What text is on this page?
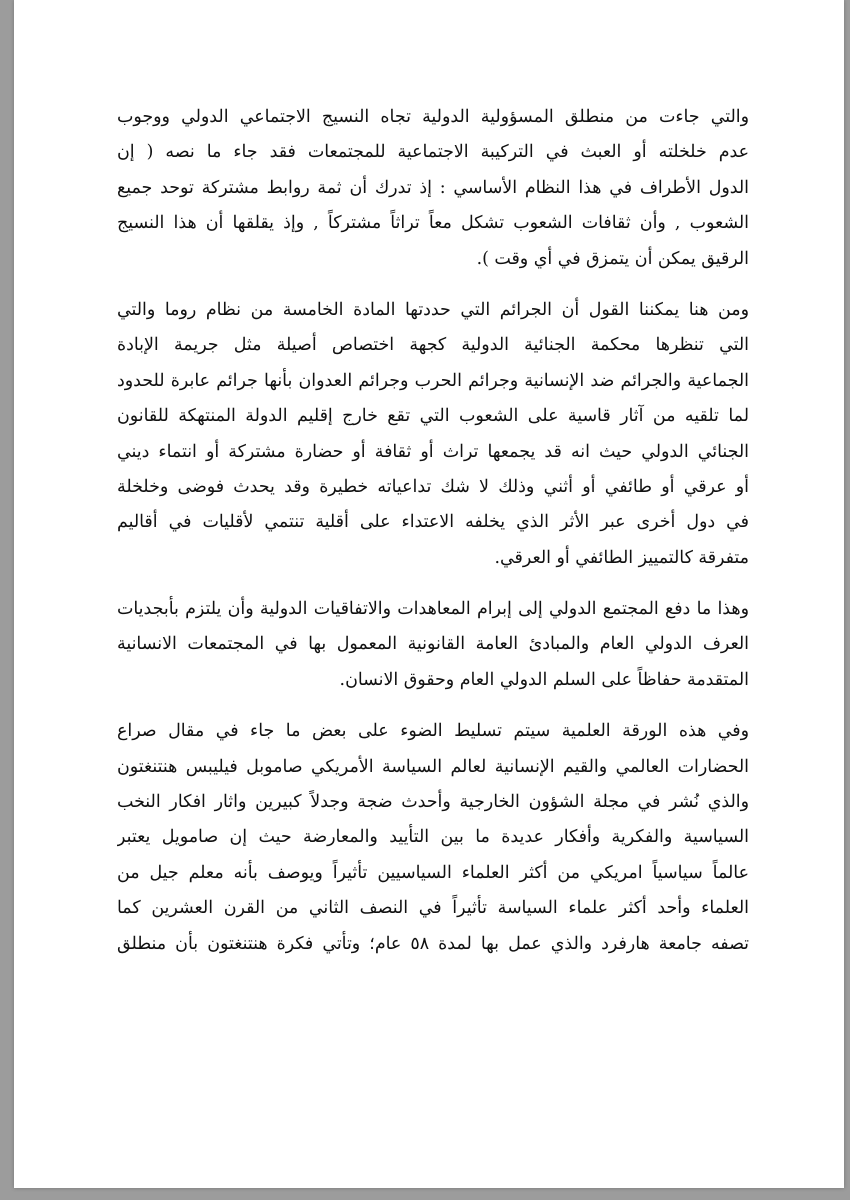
والتي جاءت من منطلق المسؤولية الدولية تجاه النسيج الاجتماعي الدولي ووجوب
عدم خلخلته أو العبث في التركيبة الاجتماعية للمجتمعات فقد جاء ما نصه ( إن
الدول الأطراف في هذا النظام الأساسي : إذ تدرك أن ثمة روابط مشتركة توحد جميع
الشعوب , وأن ثقافات الشعوب تشكل معاً تراثاً مشتركاً , وإذ يقلقها أن هذا النسيج
الرقيق يمكن أن يتمزق في أي وقت ).
ومن هنا يمكننا القول أن الجرائم التي حددتها المادة الخامسة من نظام روما والتي
التي تنظرها محكمة الجنائية الدولية كجهة اختصاص أصيلة مثل جريمة الإبادة
الجماعية والجرائم ضد الإنسانية وجرائم الحرب وجرائم العدوان بأنها جرائم عابرة للحدود
لما تلقيه من آثار قاسية على الشعوب التي تقع خارج إقليم الدولة المنتهكة للقانون
الجنائي الدولي حيث انه قد يجمعها تراث أو ثقافة أو حضارة مشتركة أو انتماء ديني
أو عرقي أو طائفي أو أثني وذلك لا شك تداعياته خطيرة وقد يحدث فوضى وخلخلة
في دول أخرى عبر الأثر الذي يخلفه الاعتداء على أقلية تنتمي لأقليات في أقاليم
متفرقة كالتمييز الطائفي أو العرقي.
وهذا ما دفع المجتمع الدولي إلى إبرام المعاهدات والاتفاقيات الدولية وأن يلتزم بأبجديات
العرف الدولي العام والمبادئ العامة القانونية المعمول بها في المجتمعات الانسانية
المتقدمة حفاظاً على السلم الدولي العام وحقوق الانسان.
وفي هذه الورقة العلمية سيتم تسليط الضوء على بعض ما جاء في مقال صراع
الحضارات العالمي والقيم الإنسانية لعالم السياسة الأمريكي صاموبل فيليبس هنتنغتون
والذي نُشر في مجلة الشؤون الخارجية وأحدث ضجة وجدلاً كبيرين واثار افكار النخب
السياسية والفكرية وأفكار عديدة ما بين التأييد والمعارضة حيث إن صامويل يعتبر
عالماً سياسياً امريكي من أكثر العلماء السياسيين تأثيراً ويوصف بأنه معلم جيل من
العلماء وأحد أكثر علماء السياسة تأثيراً في النصف الثاني من القرن العشرين كما
تصفه جامعة هارفرد والذي عمل بها لمدة ٥٨ عام؛ وتأتي فكرة هنتنغتون بأن منطلق
